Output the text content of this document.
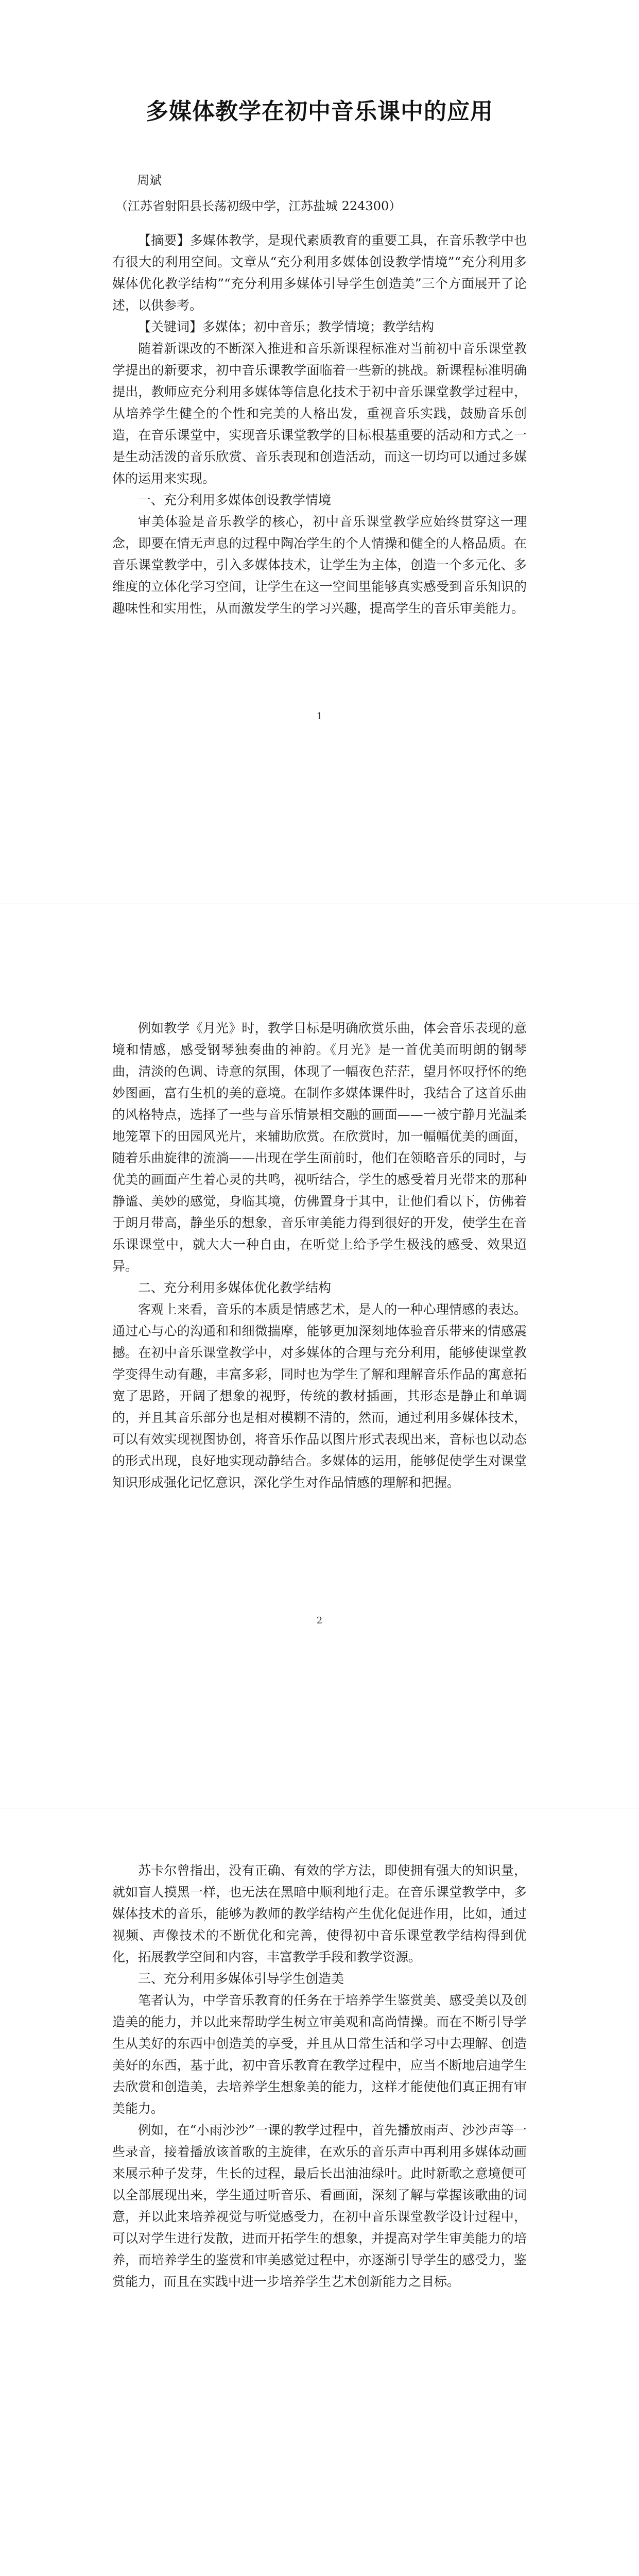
多媒体教学在初中音乐课中的应用

周斌

（江苏省射阳县长荡初级中学，江苏盐城 224300）

【摘要】多媒体教学，是现代素质教育的重要工具，在音乐教学中也有很大的利用空间。文章从“充分利用多媒体创设教学情境”“充分利用多媒体优化教学结构”“充分利用多媒体引导学生创造美”三个方面展开了论述，以供参考。

【关键词】多媒体；初中音乐；教学情境；教学结构

随着新课改的不断深入推进和音乐新课程标准对当前初中音乐课堂教学提出的新要求，初中音乐课教学面临着一些新的挑战。新课程标准明确提出，教师应充分利用多媒体等信息化技术于初中音乐课堂教学过程中，从培养学生健全的个性和完美的人格出发，重视音乐实践，鼓励音乐创造，在音乐课堂中，实现音乐课堂教学的目标根基重要的活动和方式之一是生动活泼的音乐欣赏、音乐表现和创造活动，而这一切均可以通过多媒体的运用来实现。

一、充分利用多媒体创设教学情境

审美体验是音乐教学的核心，初中音乐课堂教学应始终贯穿这一理念，即要在情无声息的过程中陶冶学生的个人情操和健全的人格品质。在音乐课堂教学中，引入多媒体技术，让学生为主体，创造一个多元化、多维度的立体化学习空间，让学生在这一空间里能够真实感受到音乐知识的趣味性和实用性，从而激发学生的学习兴趣，提高学生的音乐审美能力。

1

例如教学《月光》时，教学目标是明确欣赏乐曲，体会音乐表现的意境和情感，感受钢琴独奏曲的神韵。《月光》是一首优美而明朗的钢琴曲，清淡的色调、诗意的氛围，体现了一幅夜色茫茫，望月怀叹抒怀的绝妙图画，富有生机的美的意境。在制作多媒体课件时，我结合了这首乐曲的风格特点，选择了一些与音乐情景相交融的画面——一被宁静月光温柔地笼罩下的田园风光片，来辅助欣赏。在欣赏时，加一幅幅优美的画面，随着乐曲旋律的流淌——出现在学生面前时，他们在领略音乐的同时，与优美的画面产生着心灵的共鸣，视听结合，学生的感受着月光带来的那种静谧、美妙的感觉，身临其境，仿佛置身于其中，让他们看以下，仿佛着于朗月带高，静坐乐的想象，音乐审美能力得到很好的开发，使学生在音乐课课堂中，就大大一种自由，在听觉上给予学生极浅的感受、效果迢异。

二、充分利用多媒体优化教学结构

客观上来看，音乐的本质是情感艺术，是人的一种心理情感的表达。通过心与心的沟通和和细微揣摩，能够更加深刻地体验音乐带来的情感震撼。在初中音乐课堂教学中，对多媒体的合理与充分利用，能够使课堂教学变得生动有趣，丰富多彩，同时也为学生了解和理解音乐作品的寓意拓宽了思路，开阔了想象的视野，传统的教材插画，其形态是静止和单调的，并且其音乐部分也是相对模糊不清的，然而，通过利用多媒体技术，可以有效实现视图协创，将音乐作品以图片形式表现出来，音标也以动态的形式出现，良好地实现动静结合。多媒体的运用，能够促使学生对课堂知识形成强化记忆意识，深化学生对作品情感的理解和把握。

2

苏卡尔曾指出，没有正确、有效的学方法，即使拥有强大的知识量，就如盲人摸黑一样，也无法在黑暗中顺利地行走。在音乐课堂教学中，多媒体技术的音乐，能够为教师的教学结构产生优化促进作用，比如，通过视频、声像技术的不断优化和完善，使得初中音乐课堂教学结构得到优化，拓展教学空间和内容，丰富教学手段和教学资源。

三、充分利用多媒体引导学生创造美

笔者认为，中学音乐教育的任务在于培养学生鉴赏美、感受美以及创造美的能力，并以此来帮助学生树立审美观和高尚情操。而在不断引导学生从美好的东西中创造美的享受，并且从日常生活和学习中去理解、创造美好的东西，基于此，初中音乐教育在教学过程中，应当不断地启迪学生去欣赏和创造美，去培养学生想象美的能力，这样才能使他们真正拥有审美能力。

例如，在“小雨沙沙”一课的教学过程中，首先播放雨声、沙沙声等一些录音，接着播放该首歌的主旋律，在欢乐的音乐声中再利用多媒体动画来展示种子发芽，生长的过程，最后长出油油绿叶。此时新歌之意境便可以全部展现出来，学生通过听音乐、看画面，深刻了解与掌握该歌曲的词意，并以此来培养视觉与听觉感受力，在初中音乐课堂教学设计过程中，可以对学生进行发散，进而开拓学生的想象，并提高对学生审美能力的培养，而培养学生的鉴赏和审美感觉过程中，亦逐渐引导学生的感受力，鉴赏能力，而且在实践中进一步培养学生艺术创新能力之目标。
